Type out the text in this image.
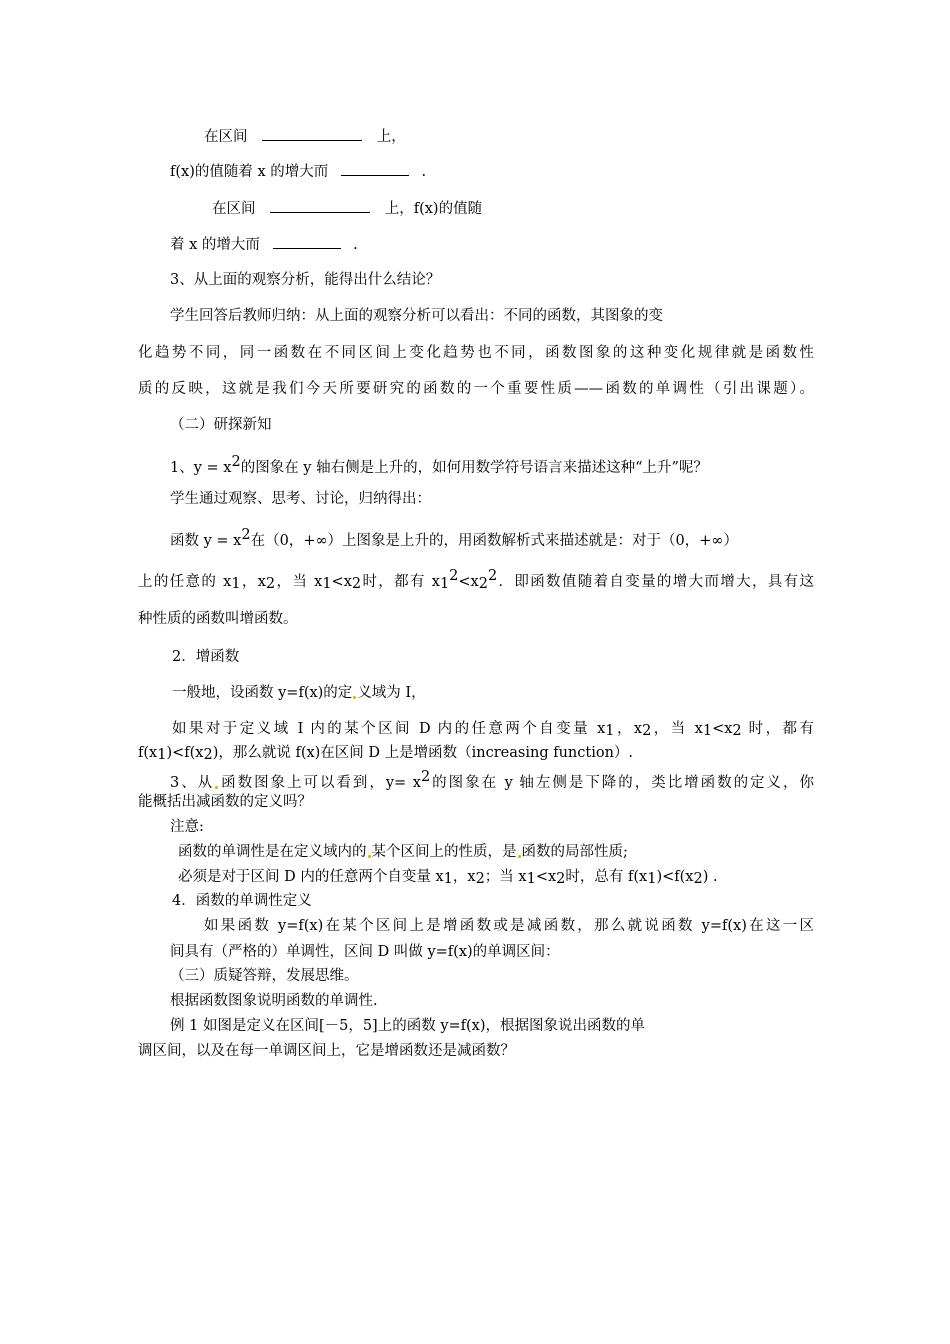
在区间	上，
f(x)的值随着 x 的增大而	.
在区间	上，f(x)的值随
着 x 的增大而	.
3、从上面的观察分析，能得出什么结论？
学生回答后教师归纳：从上面的观察分析可以看出：不同的函数，其图象的变
化趋势不同，同一函数在不同区间上变化趋势也不同，函数图象的这种变化规律就是函数性
质的反映，这就是我们今天所要研究的函数的一个重要性质——函数的单调性（引出课题）。
（二）研探新知
1、y = x2的图象在 y 轴右侧是上升的，如何用数学符号语言来描述这种“上升”呢？
学生通过观察、思考、讨论，归纳得出：
函数 y = x2在（0，+∞）上图象是上升的，用函数解析式来描述就是：对于（0，+∞）
上的任意的 x1，x2，当 x1<x2时，都有 x12<x22．即函数值随着自变量的增大而增大，具有这
种性质的函数叫增函数。
2．增函数
一般地，设函数 y=f(x)的定 义域为 I，
如果对于定义域 I 内的某个区间 D 内的任意两个自变量 x1，x2，当 x1<x2 时，都有
f(x1)<f(x2)，那么就说 f(x)在区间 D 上是增函数（increasing function）.
3、从 函数图象上可以看到，y= x2的图象在 y 轴左侧是下降的，类比增函数的定义，你
能概括出减函数的定义吗？
注意:
函数的单调性是在定义域内的 某个区间上的性质，是 函数的局部性质;
必须是对于区间 D 内的任意两个自变量 x1，x2；当 x1<x2时，总有 f(x1)<f(x2) .
4．函数的单调性定义
如果函数 y=f(x)在某个区间上是增函数或是减函数，那么就说函数 y=f(x)在这一区
间具有（严格的）单调性，区间 D 叫做 y=f(x)的单调区间：
（三）质疑答辩，发展思维。
根据函数图象说明函数的单调性.
例 1 如图是定义在区间[－5，5]上的函数 y=f(x)，根据图象说出函数的单
调区间，以及在每一单调区间上，它是增函数还是减函数？
